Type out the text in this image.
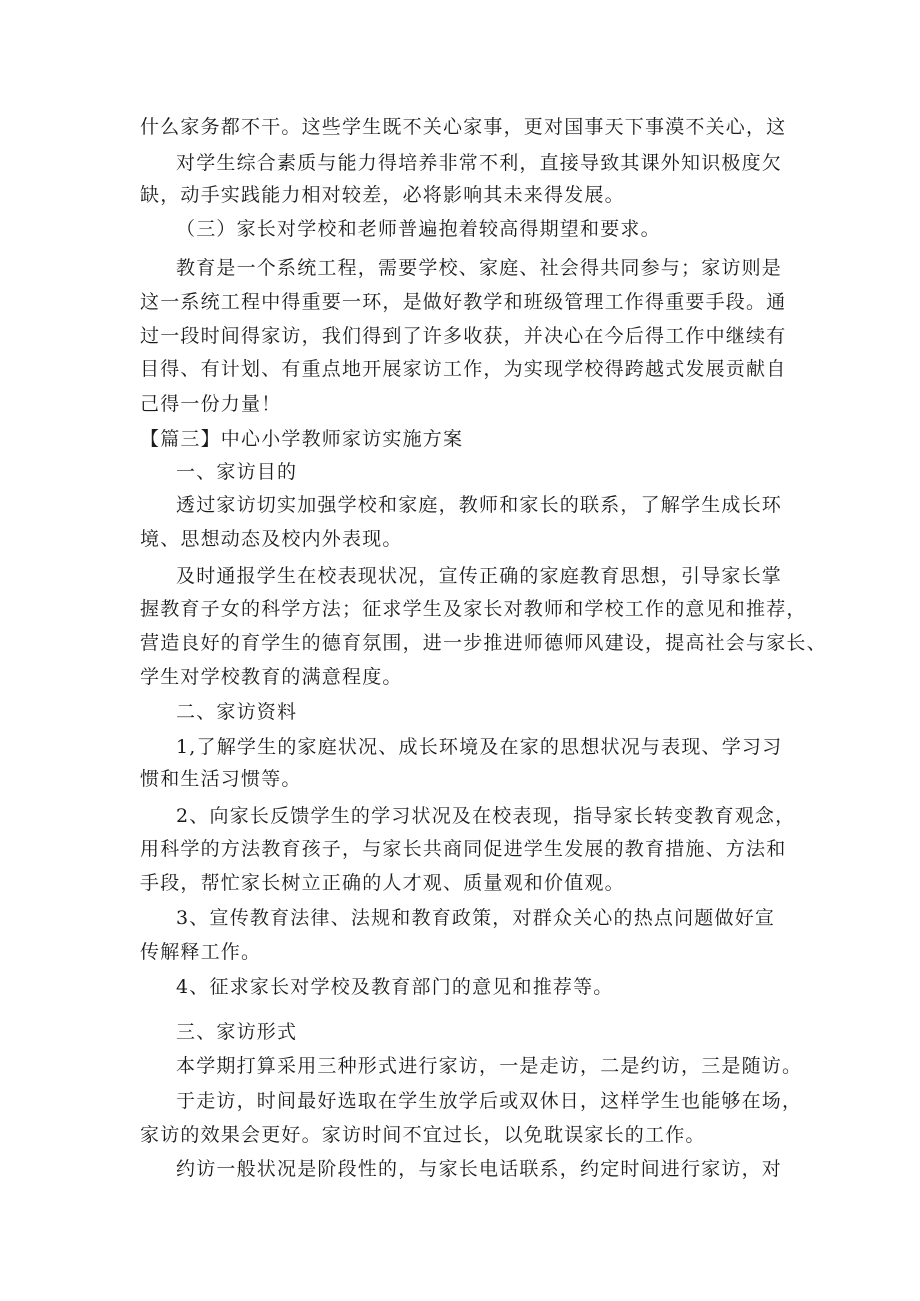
什么家务都不干。这些学生既不关心家事，更对国事天下事漠不关心，这
对学生综合素质与能力得培养非常不利，直接导致其课外知识极度欠
缺，动手实践能力相对较差，必将影响其未来得发展。
（三）家长对学校和老师普遍抱着较高得期望和要求。
教育是一个系统工程，需要学校、家庭、社会得共同参与；家访则是
这一系统工程中得重要一环，是做好教学和班级管理工作得重要手段。通
过一段时间得家访，我们得到了许多收获，并决心在今后得工作中继续有
目得、有计划、有重点地开展家访工作，为实现学校得跨越式发展贡献自
己得一份力量！
【篇三】中心小学教师家访实施方案
一、家访目的
透过家访切实加强学校和家庭，教师和家长的联系，了解学生成长环
境、思想动态及校内外表现。
及时通报学生在校表现状况，宣传正确的家庭教育思想，引导家长掌
握教育子女的科学方法；征求学生及家长对教师和学校工作的意见和推荐，
营造良好的育学生的德育氛围，进一步推进师德师风建设，提高社会与家长、
学生对学校教育的满意程度。
二、家访资料
1,了解学生的家庭状况、成长环境及在家的思想状况与表现、学习习
惯和生活习惯等。
2、向家长反馈学生的学习状况及在校表现，指导家长转变教育观念，
用科学的方法教育孩子，与家长共商同促进学生发展的教育措施、方法和
手段，帮忙家长树立正确的人才观、质量观和价值观。
3、宣传教育法律、法规和教育政策，对群众关心的热点问题做好宣
传解释工作。
4、征求家长对学校及教育部门的意见和推荐等。
三、家访形式
本学期打算采用三种形式进行家访，一是走访，二是约访，三是随访。
于走访，时间最好选取在学生放学后或双休日，这样学生也能够在场，
家访的效果会更好。家访时间不宜过长，以免耽误家长的工作。
约访一般状况是阶段性的，与家长电话联系，约定时间进行家访，对
